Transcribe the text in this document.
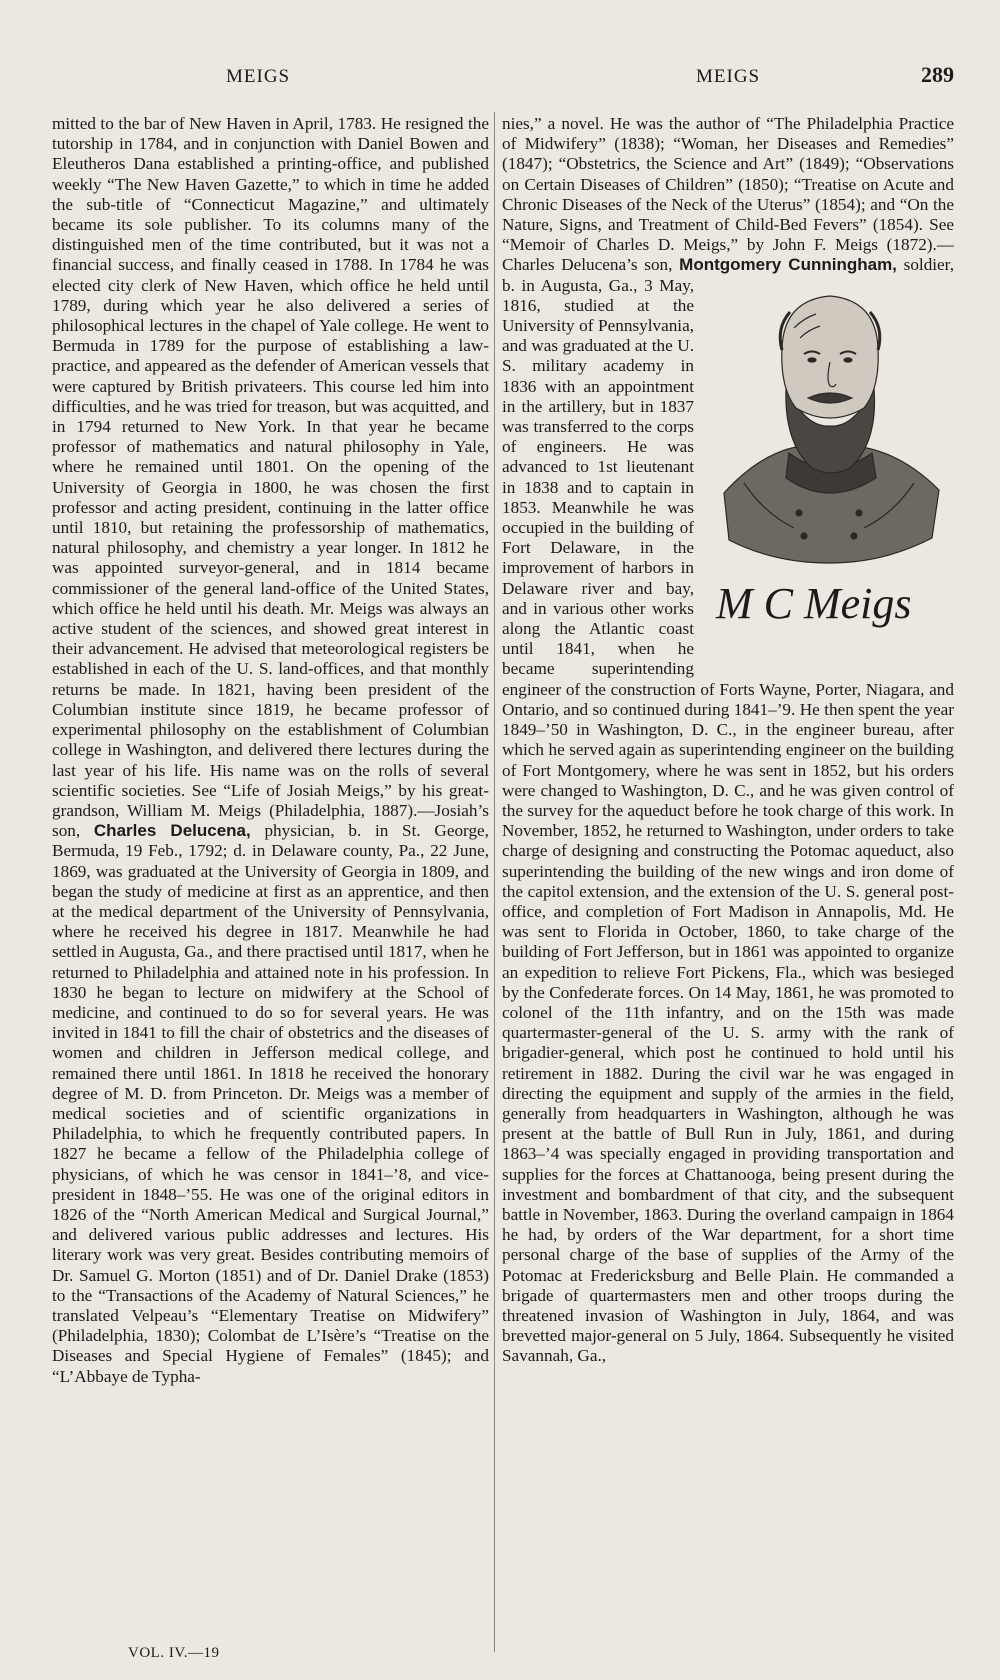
MEIGS	MEIGS	289

mitted to the bar of New Haven in April, 1783. He resigned the tutorship in 1784, and in conjunction with Daniel Bowen and Eleutheros Dana established a printing-office, and published weekly “The New Haven Gazette,” to which in time he added the sub-title of “Connecticut Magazine,” and ultimately became its sole publisher. To its columns many of the distinguished men of the time contributed, but it was not a financial success, and finally ceased in 1788. In 1784 he was elected city clerk of New Haven, which office he held until 1789, during which year he also delivered a series of philosophical lectures in the chapel of Yale college. He went to Bermuda in 1789 for the purpose of establishing a law-practice, and appeared as the defender of American vessels that were captured by British privateers. This course led him into difficulties, and he was tried for treason, but was acquitted, and in 1794 returned to New York. In that year he became professor of mathematics and natural philosophy in Yale, where he remained until 1801. On the opening of the University of Georgia in 1800, he was chosen the first professor and acting president, continuing in the latter office until 1810, but retaining the professorship of mathematics, natural philosophy, and chemistry a year longer. In 1812 he was appointed surveyor-general, and in 1814 became commissioner of the general land-office of the United States, which office he held until his death. Mr. Meigs was always an active student of the sciences, and showed great interest in their advancement. He advised that meteorological registers be established in each of the U. S. land-offices, and that monthly returns be made. In 1821, having been president of the Columbian institute since 1819, he became professor of experimental philosophy on the establishment of Columbian college in Washington, and delivered there lectures during the last year of his life. His name was on the rolls of several scientific societies. See “Life of Josiah Meigs,” by his great-grandson, William M. Meigs (Philadelphia, 1887).—Josiah’s son, Charles Delucena, physician, b. in St. George, Bermuda, 19 Feb., 1792; d. in Delaware county, Pa., 22 June, 1869, was graduated at the University of Georgia in 1809, and began the study of medicine at first as an apprentice, and then at the medical department of the University of Pennsylvania, where he received his degree in 1817. Meanwhile he had settled in Augusta, Ga., and there practised until 1817, when he returned to Philadelphia and attained note in his profession. In 1830 he began to lecture on midwifery at the School of medicine, and continued to do so for several years. He was invited in 1841 to fill the chair of obstetrics and the diseases of women and children in Jefferson medical college, and remained there until 1861. In 1818 he received the honorary degree of M. D. from Princeton. Dr. Meigs was a member of medical societies and of scientific organizations in Philadelphia, to which he frequently contributed papers. In 1827 he became a fellow of the Philadelphia college of physicians, of which he was censor in 1841–’8, and vice-president in 1848–’55. He was one of the original editors in 1826 of the “North American Medical and Surgical Journal,” and delivered various public addresses and lectures. His literary work was very great. Besides contributing memoirs of Dr. Samuel G. Morton (1851) and of Dr. Daniel Drake (1853) to the “Transactions of the Academy of Natural Sciences,” he translated Velpeau’s “Elementary Treatise on Midwifery” (Philadelphia, 1830); Colombat de L’Isère’s “Treatise on the Diseases and Special Hygiene of Females” (1845); and “L’Abbaye de Typha-

nies,” a novel. He was the author of “The Philadelphia Practice of Midwifery” (1838); “Woman, her Diseases and Remedies” (1847); “Obstetrics, the Science and Art” (1849); “Observations on Certain Diseases of Children” (1850); “Treatise on Acute and Chronic Diseases of the Neck of the Uterus” (1854); and “On the Nature, Signs, and Treatment of Child-Bed Fevers” (1854). See “Memoir of Charles D. Meigs,” by John F. Meigs (1872).—Charles Delucena’s son, Montgomery Cunningham,
M C Meigs
soldier, b. in Augusta, Ga., 3 May, 1816, studied at the University of Pennsylvania, and was graduated at the U. S. military academy in 1836 with an appointment in the artillery, but in 1837 was transferred to the corps of engineers. He was advanced to 1st lieutenant in 1838 and to captain in 1853. Meanwhile he was occupied in the building of Fort Delaware, in the improvement of harbors in Delaware river and bay, and in various other works along the Atlantic coast until 1841, when he became superintending engineer of the construction of Forts Wayne, Porter, Niagara, and Ontario, and so continued during 1841–’9. He then spent the year 1849–’50 in Washington, D. C., in the engineer bureau, after which he served again as superintending engineer on the building of Fort Montgomery, where he was sent in 1852, but his orders were changed to Washington, D. C., and he was given control of the survey for the aqueduct before he took charge of this work. In November, 1852, he returned to Washington, under orders to take charge of designing and constructing the Potomac aqueduct, also superintending the building of the new wings and iron dome of the capitol extension, and the extension of the U. S. general post-office, and completion of Fort Madison in Annapolis, Md. He was sent to Florida in October, 1860, to take charge of the building of Fort Jefferson, but in 1861 was appointed to organize an expedition to relieve Fort Pickens, Fla., which was besieged by the Confederate forces. On 14 May, 1861, he was promoted to colonel of the 11th infantry, and on the 15th was made quartermaster-general of the U. S. army with the rank of brigadier-general, which post he continued to hold until his retirement in 1882. During the civil war he was engaged in directing the equipment and supply of the armies in the field, generally from headquarters in Washington, although he was present at the battle of Bull Run in July, 1861, and during 1863–’4 was specially engaged in providing transportation and supplies for the forces at Chattanooga, being present during the investment and bombardment of that city, and the subsequent battle in November, 1863. During the overland campaign in 1864 he had, by orders of the War department, for a short time personal charge of the base of supplies of the Army of the Potomac at Fredericksburg and Belle Plain. He commanded a brigade of quartermasters men and other troops during the threatened invasion of Washington in July, 1864, and was brevetted major-general on 5 July, 1864. Subsequently he visited Savannah, Ga.,

VOL. IV.—19
